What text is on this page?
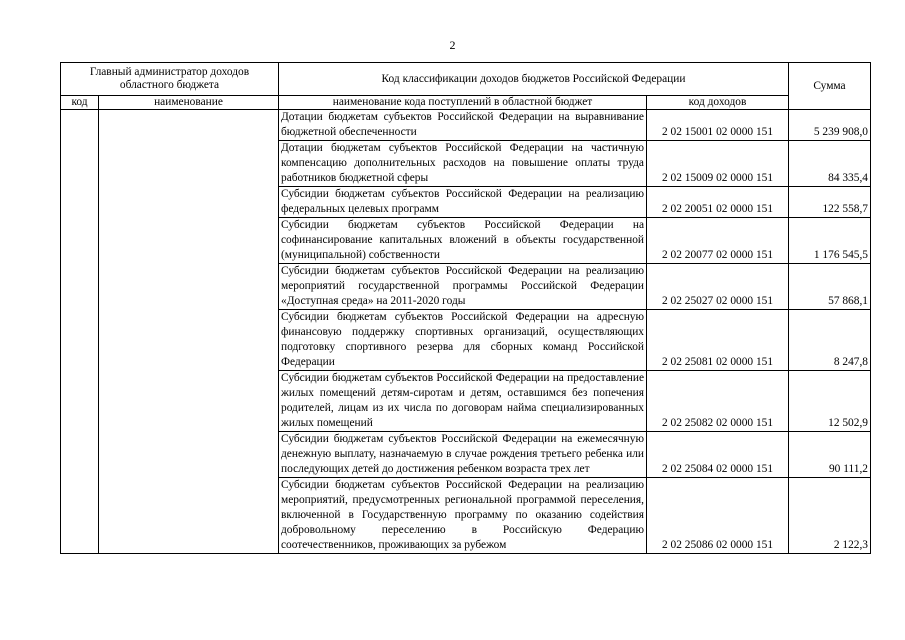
2
Главный администратор доходов областного бюджета		Код классификации доходов бюджетов Российской Федерации		Сумма
код	наименование	наименование кода поступлений в областной бюджет	код доходов	
		Дотации бюджетам субъектов Российской Федерации на выравнивание бюджетной обеспеченности	2 02 15001 02 0000 151	5 239 908,0
		Дотации бюджетам субъектов Российской Федерации на частичную компенсацию дополнительных расходов на повышение оплаты труда работников бюджетной сферы	2 02 15009 02 0000 151	84 335,4
		Субсидии бюджетам субъектов Российской Федерации на реализацию федеральных целевых программ	2 02 20051 02 0000 151	122 558,7
		Субсидии бюджетам субъектов Российской Федерации на софинансирование капитальных вложений в объекты государственной (муниципальной) собственности	2 02 20077 02 0000 151	1 176 545,5
		Субсидии бюджетам субъектов Российской Федерации на реализацию мероприятий государственной программы Российской Федерации «Доступная среда» на 2011-2020 годы	2 02 25027 02 0000 151	57 868,1
		Субсидии бюджетам субъектов Российской Федерации на адресную финансовую поддержку спортивных организаций, осуществляющих подготовку спортивного резерва для сборных команд Российской Федерации	2 02 25081 02 0000 151	8 247,8
		Субсидии бюджетам субъектов Российской Федерации на предоставление жилых помещений детям-сиротам и детям, оставшимся без попечения родителей, лицам из их числа по договорам найма специализированных жилых помещений	2 02 25082 02 0000 151	12 502,9
		Субсидии бюджетам субъектов Российской Федерации на ежемесячную денежную выплату, назначаемую в случае рождения третьего ребенка или последующих детей до достижения ребенком возраста трех лет	2 02 25084 02 0000 151	90 111,2
		Субсидии бюджетам субъектов Российской Федерации на реализацию мероприятий, предусмотренных региональной программой переселения, включенной в Государственную программу по оказанию содействия добровольному переселению в Российскую Федерацию соотечественников, проживающих за рубежом	2 02 25086 02 0000 151	2 122,3
